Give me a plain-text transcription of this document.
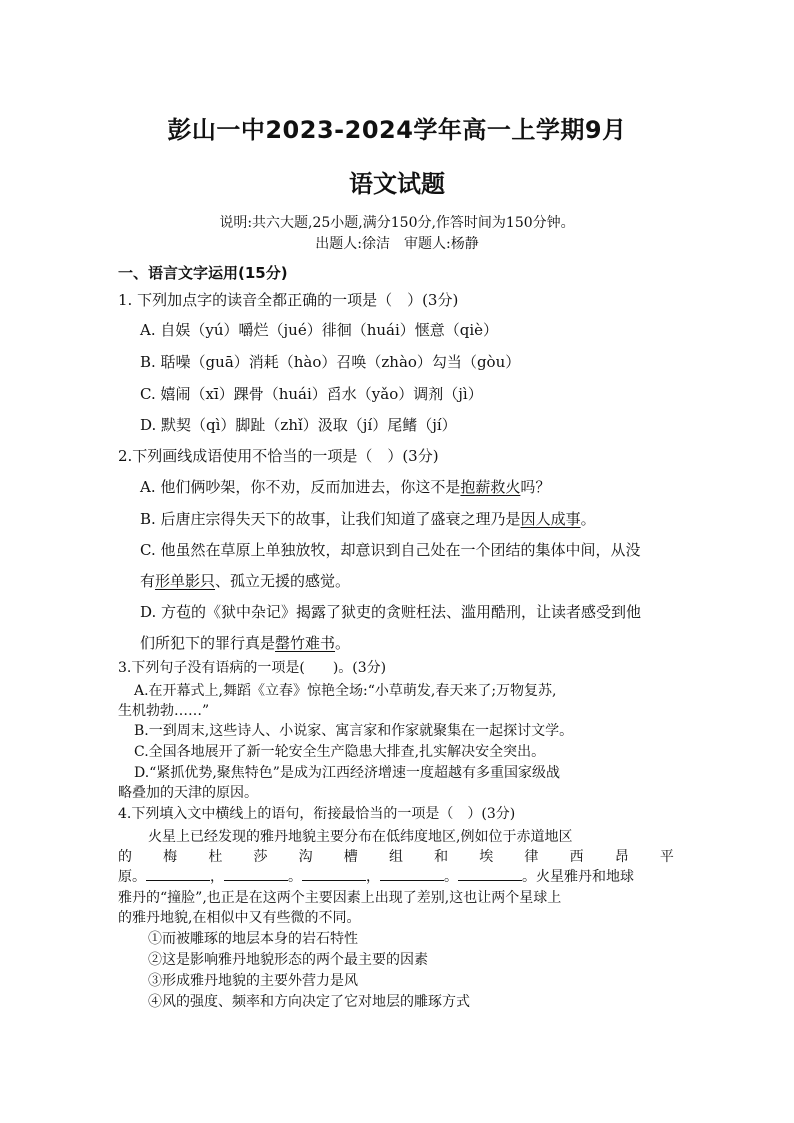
彭山一中2023-2024学年高一上学期9月
语文试题
说明:共六大题,25小题,满分150分,作答时间为150分钟。
出题人:徐洁　审题人:杨静
一、语言文字运用(15分)
1. 下列加点字的读音全都正确的一项是（　）(3分)
A. 自娱（yú）嚼烂（jué）徘徊（huái）惬意（qiè）
B. 聒噪（guā）消耗（hào）召唤（zhào）勾当（gòu）
C. 嬉闹（xī）踝骨（huái）舀水（yǎo）调剂（jì）
D. 默契（qì）脚趾（zhǐ）汲取（jí）尾鳍（jí）
2.下列画线成语使用不恰当的一项是（　）(3分)
A. 他们俩吵架，你不劝，反而加进去，你这不是抱薪救火吗？
B. 后唐庄宗得失天下的故事，让我们知道了盛衰之理乃是因人成事。
C. 他虽然在草原上单独放牧，却意识到自己处在一个团结的集体中间，从没
有形单影只、孤立无援的感觉。
D. 方苞的《狱中杂记》揭露了狱吏的贪赃枉法、滥用酷刑，让读者感受到他
们所犯下的罪行真是罄竹难书。
3.下列句子没有语病的一项是(　　)。(3分)
A.在开幕式上,舞蹈《立春》惊艳全场:“小草萌发,春天来了;万物复苏,
生机勃勃……”
B.一到周末,这些诗人、小说家、寓言家和作家就聚集在一起探讨文学。
C.全国各地展开了新一轮安全生产隐患大排查,扎实解决安全突出。
D.“紧抓优势,聚焦特色”是成为江西经济增速一度超越有多重国家级战
略叠加的天津的原因。
4.下列填入文中横线上的语句，衔接最恰当的一项是（　）(3分)
火星上已经发现的雅丹地貌主要分布在低纬度地区,例如位于赤道地区
的 梅 杜 莎 沟 槽 组 和 埃 律 西 昂 平
原。	，	。	，	。	。火星雅丹和地球
雅丹的“撞脸”,也正是在这两个主要因素上出现了差别,这也让两个星球上
的雅丹地貌,在相似中又有些微的不同。
①而被雕琢的地层本身的岩石特性
②这是影响雅丹地貌形态的两个最主要的因素
③形成雅丹地貌的主要外营力是风
④风的强度、频率和方向决定了它对地层的雕琢方式
